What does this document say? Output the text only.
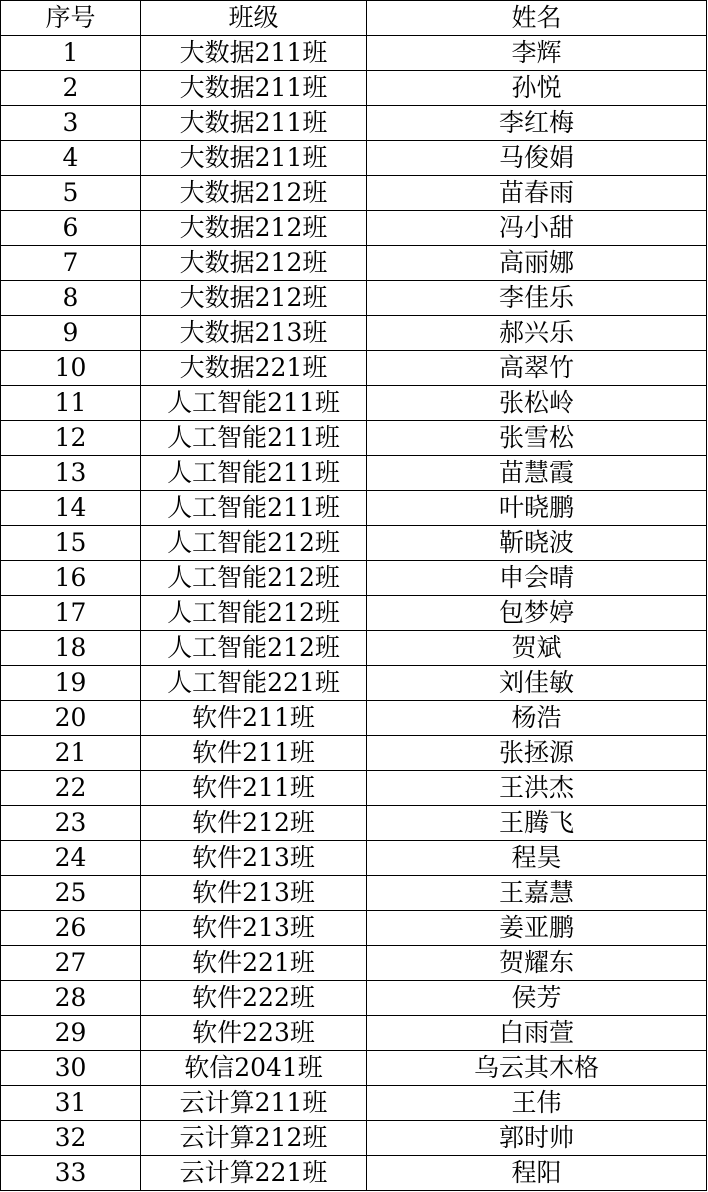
序号	班级	姓名
1	大数据211班	李辉
2	大数据211班	孙悦
3	大数据211班	李红梅
4	大数据211班	马俊娟
5	大数据212班	苗春雨
6	大数据212班	冯小甜
7	大数据212班	高丽娜
8	大数据212班	李佳乐
9	大数据213班	郝兴乐
10	大数据221班	高翠竹
11	人工智能211班	张松岭
12	人工智能211班	张雪松
13	人工智能211班	苗慧霞
14	人工智能211班	叶晓鹏
15	人工智能212班	靳晓波
16	人工智能212班	申会晴
17	人工智能212班	包梦婷
18	人工智能212班	贺斌
19	人工智能221班	刘佳敏
20	软件211班	杨浩
21	软件211班	张拯源
22	软件211班	王洪杰
23	软件212班	王腾飞
24	软件213班	程昊
25	软件213班	王嘉慧
26	软件213班	姜亚鹏
27	软件221班	贺耀东
28	软件222班	侯芳
29	软件223班	白雨萱
30	软信2041班	乌云其木格
31	云计算211班	王伟
32	云计算212班	郭时帅
33	云计算221班	程阳
